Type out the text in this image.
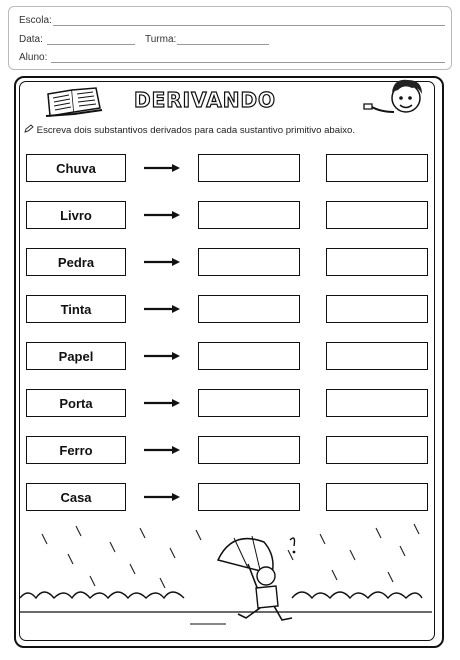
Escola:
Data:	Turma:
Aluno:
DERIVANDO
Escreva dois substantivos derivados para cada sustantivo primitivo abaixo.
Chuva
Livro
Pedra
Tinta
Papel
Porta
Ferro
Casa
